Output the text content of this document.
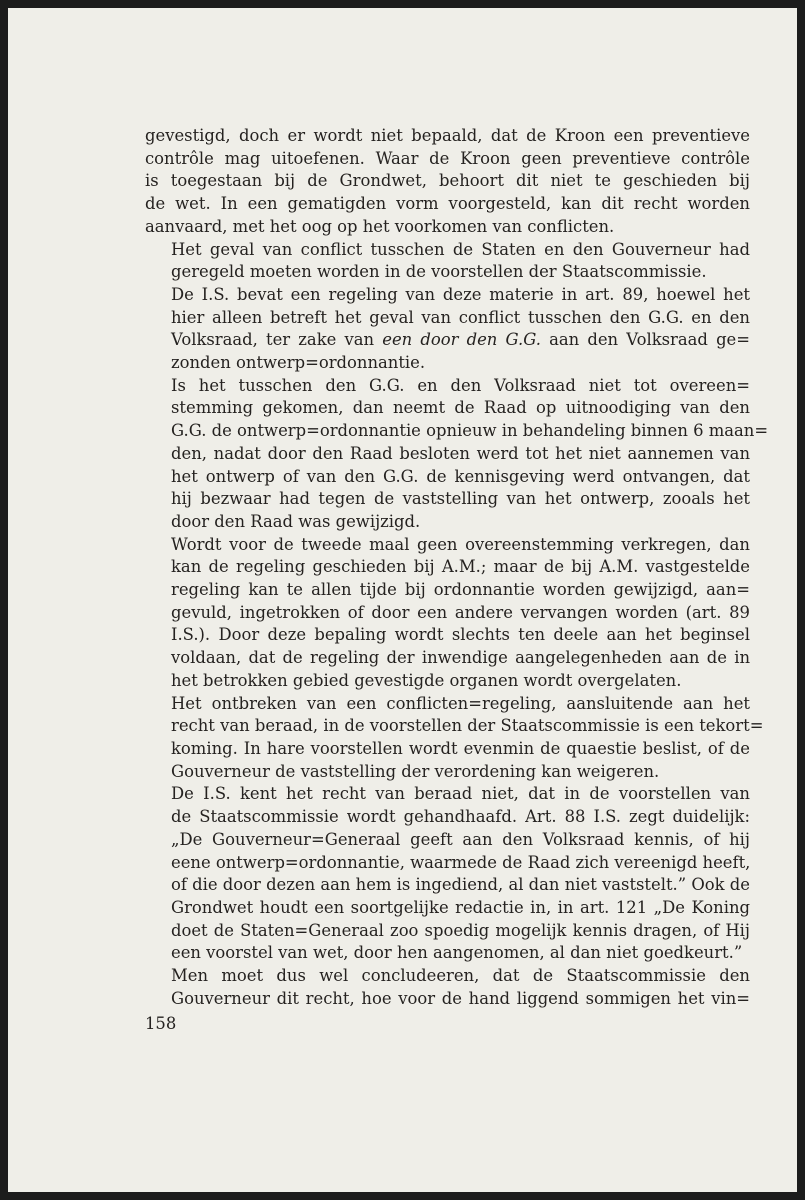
gevestigd, doch er wordt niet bepaald, dat de Kroon een preventieve
contrôle mag uitoefenen. Waar de Kroon geen preventieve contrôle
is toegestaan bij de Grondwet, behoort dit niet te geschieden bij
de wet. In een gematigden vorm voorgesteld, kan dit recht worden
aanvaard, met het oog op het voorkomen van conflicten.

Het geval van conflict tusschen de Staten en den Gouverneur had
geregeld moeten worden in de voorstellen der Staatscommissie.

De I.S. bevat een regeling van deze materie in art. 89, hoewel het
hier alleen betreft het geval van conflict tusschen den G.G. en den
Volksraad, ter zake van een door den G.G. aan den Volksraad ge=
zonden ontwerp=ordonnantie.

Is het tusschen den G.G. en den Volksraad niet tot overeen=
stemming gekomen, dan neemt de Raad op uitnoodiging van den
G.G. de ontwerp=ordonnantie opnieuw in behandeling binnen 6 maan=
den, nadat door den Raad besloten werd tot het niet aannemen van
het ontwerp of van den G.G. de kennisgeving werd ontvangen, dat
hij bezwaar had tegen de vaststelling van het ontwerp, zooals het
door den Raad was gewijzigd.

Wordt voor de tweede maal geen overeenstemming verkregen, dan
kan de regeling geschieden bij A.M.; maar de bij A.M. vastgestelde
regeling kan te allen tijde bij ordonnantie worden gewijzigd, aan=
gevuld, ingetrokken of door een andere vervangen worden (art. 89
I.S.). Door deze bepaling wordt slechts ten deele aan het beginsel
voldaan, dat de regeling der inwendige aangelegenheden aan de in
het betrokken gebied gevestigde organen wordt overgelaten.

Het ontbreken van een conflicten=regeling, aansluitende aan het
recht van beraad, in de voorstellen der Staatscommissie is een tekort=
koming. In hare voorstellen wordt evenmin de quaestie beslist, of de
Gouverneur de vaststelling der verordening kan weigeren.

De I.S. kent het recht van beraad niet, dat in de voorstellen van
de Staatscommissie wordt gehandhaafd. Art. 88 I.S. zegt duidelijk:
„De Gouverneur=Generaal geeft aan den Volksraad kennis, of hij
eene ontwerp=ordonnantie, waarmede de Raad zich vereenigd heeft,
of die door dezen aan hem is ingediend, al dan niet vaststelt.” Ook de
Grondwet houdt een soortgelijke redactie in, in art. 121 „De Koning
doet de Staten=Generaal zoo spoedig mogelijk kennis dragen, of Hij
een voorstel van wet, door hen aangenomen, al dan niet goedkeurt.”

Men moet dus wel concludeeren, dat de Staatscommissie den
Gouverneur dit recht, hoe voor de hand liggend sommigen het vin=

158
